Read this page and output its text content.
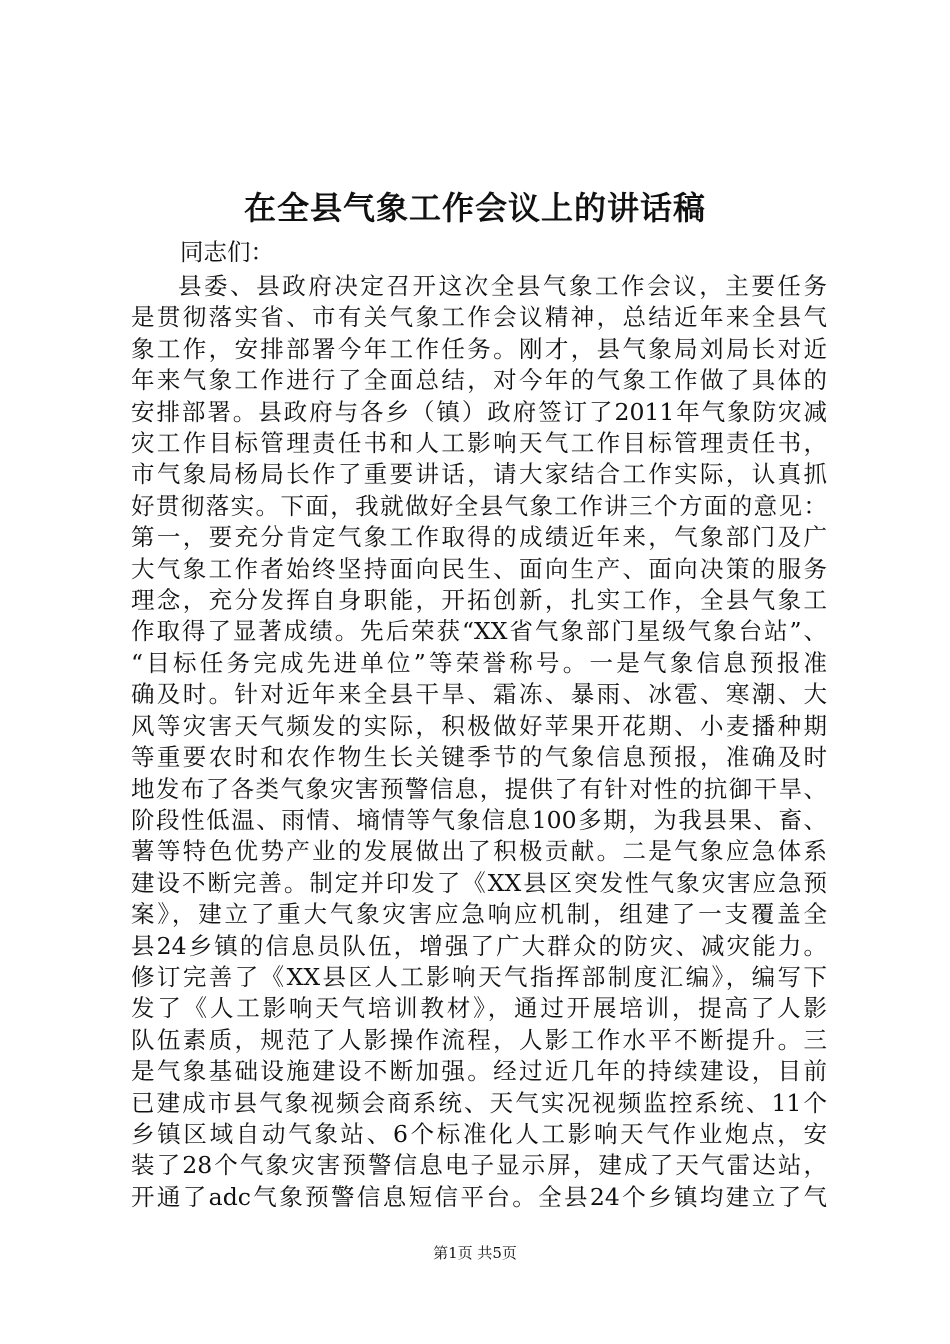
在全县气象工作会议上的讲话稿

同志们：

县委、县政府决定召开这次全县气象工作会议，主要任务
是贯彻落实省、市有关气象工作会议精神，总结近年来全县气
象工作，安排部署今年工作任务。刚才，县气象局刘局长对近
年来气象工作进行了全面总结，对今年的气象工作做了具体的
安排部署。县政府与各乡（镇）政府签订了2011年气象防灾减
灾工作目标管理责任书和人工影响天气工作目标管理责任书，
市气象局杨局长作了重要讲话，请大家结合工作实际，认真抓
好贯彻落实。下面，我就做好全县气象工作讲三个方面的意见：
第一，要充分肯定气象工作取得的成绩近年来，气象部门及广
大气象工作者始终坚持面向民生、面向生产、面向决策的服务
理念，充分发挥自身职能，开拓创新，扎实工作，全县气象工
作取得了显著成绩。先后荣获“XX省气象部门星级气象台站”、
“目标任务完成先进单位”等荣誉称号。一是气象信息预报准
确及时。针对近年来全县干旱、霜冻、暴雨、冰雹、寒潮、大
风等灾害天气频发的实际，积极做好苹果开花期、小麦播种期
等重要农时和农作物生长关键季节的气象信息预报，准确及时
地发布了各类气象灾害预警信息，提供了有针对性的抗御干旱、
阶段性低温、雨情、墒情等气象信息100多期，为我县果、畜、
薯等特色优势产业的发展做出了积极贡献。二是气象应急体系
建设不断完善。制定并印发了《XX县区突发性气象灾害应急预
案》，建立了重大气象灾害应急响应机制，组建了一支覆盖全
县24乡镇的信息员队伍，增强了广大群众的防灾、减灾能力。
修订完善了《XX县区人工影响天气指挥部制度汇编》，编写下
发了《人工影响天气培训教材》，通过开展培训，提高了人影
队伍素质，规范了人影操作流程，人影工作水平不断提升。三
是气象基础设施建设不断加强。经过近几年的持续建设，目前
已建成市县气象视频会商系统、天气实况视频监控系统、11个
乡镇区域自动气象站、6个标准化人工影响天气作业炮点，安
装了28个气象灾害预警信息电子显示屏，建成了天气雷达站，
开通了adc气象预警信息短信平台。全县24个乡镇均建立了气

第1页 共5页
